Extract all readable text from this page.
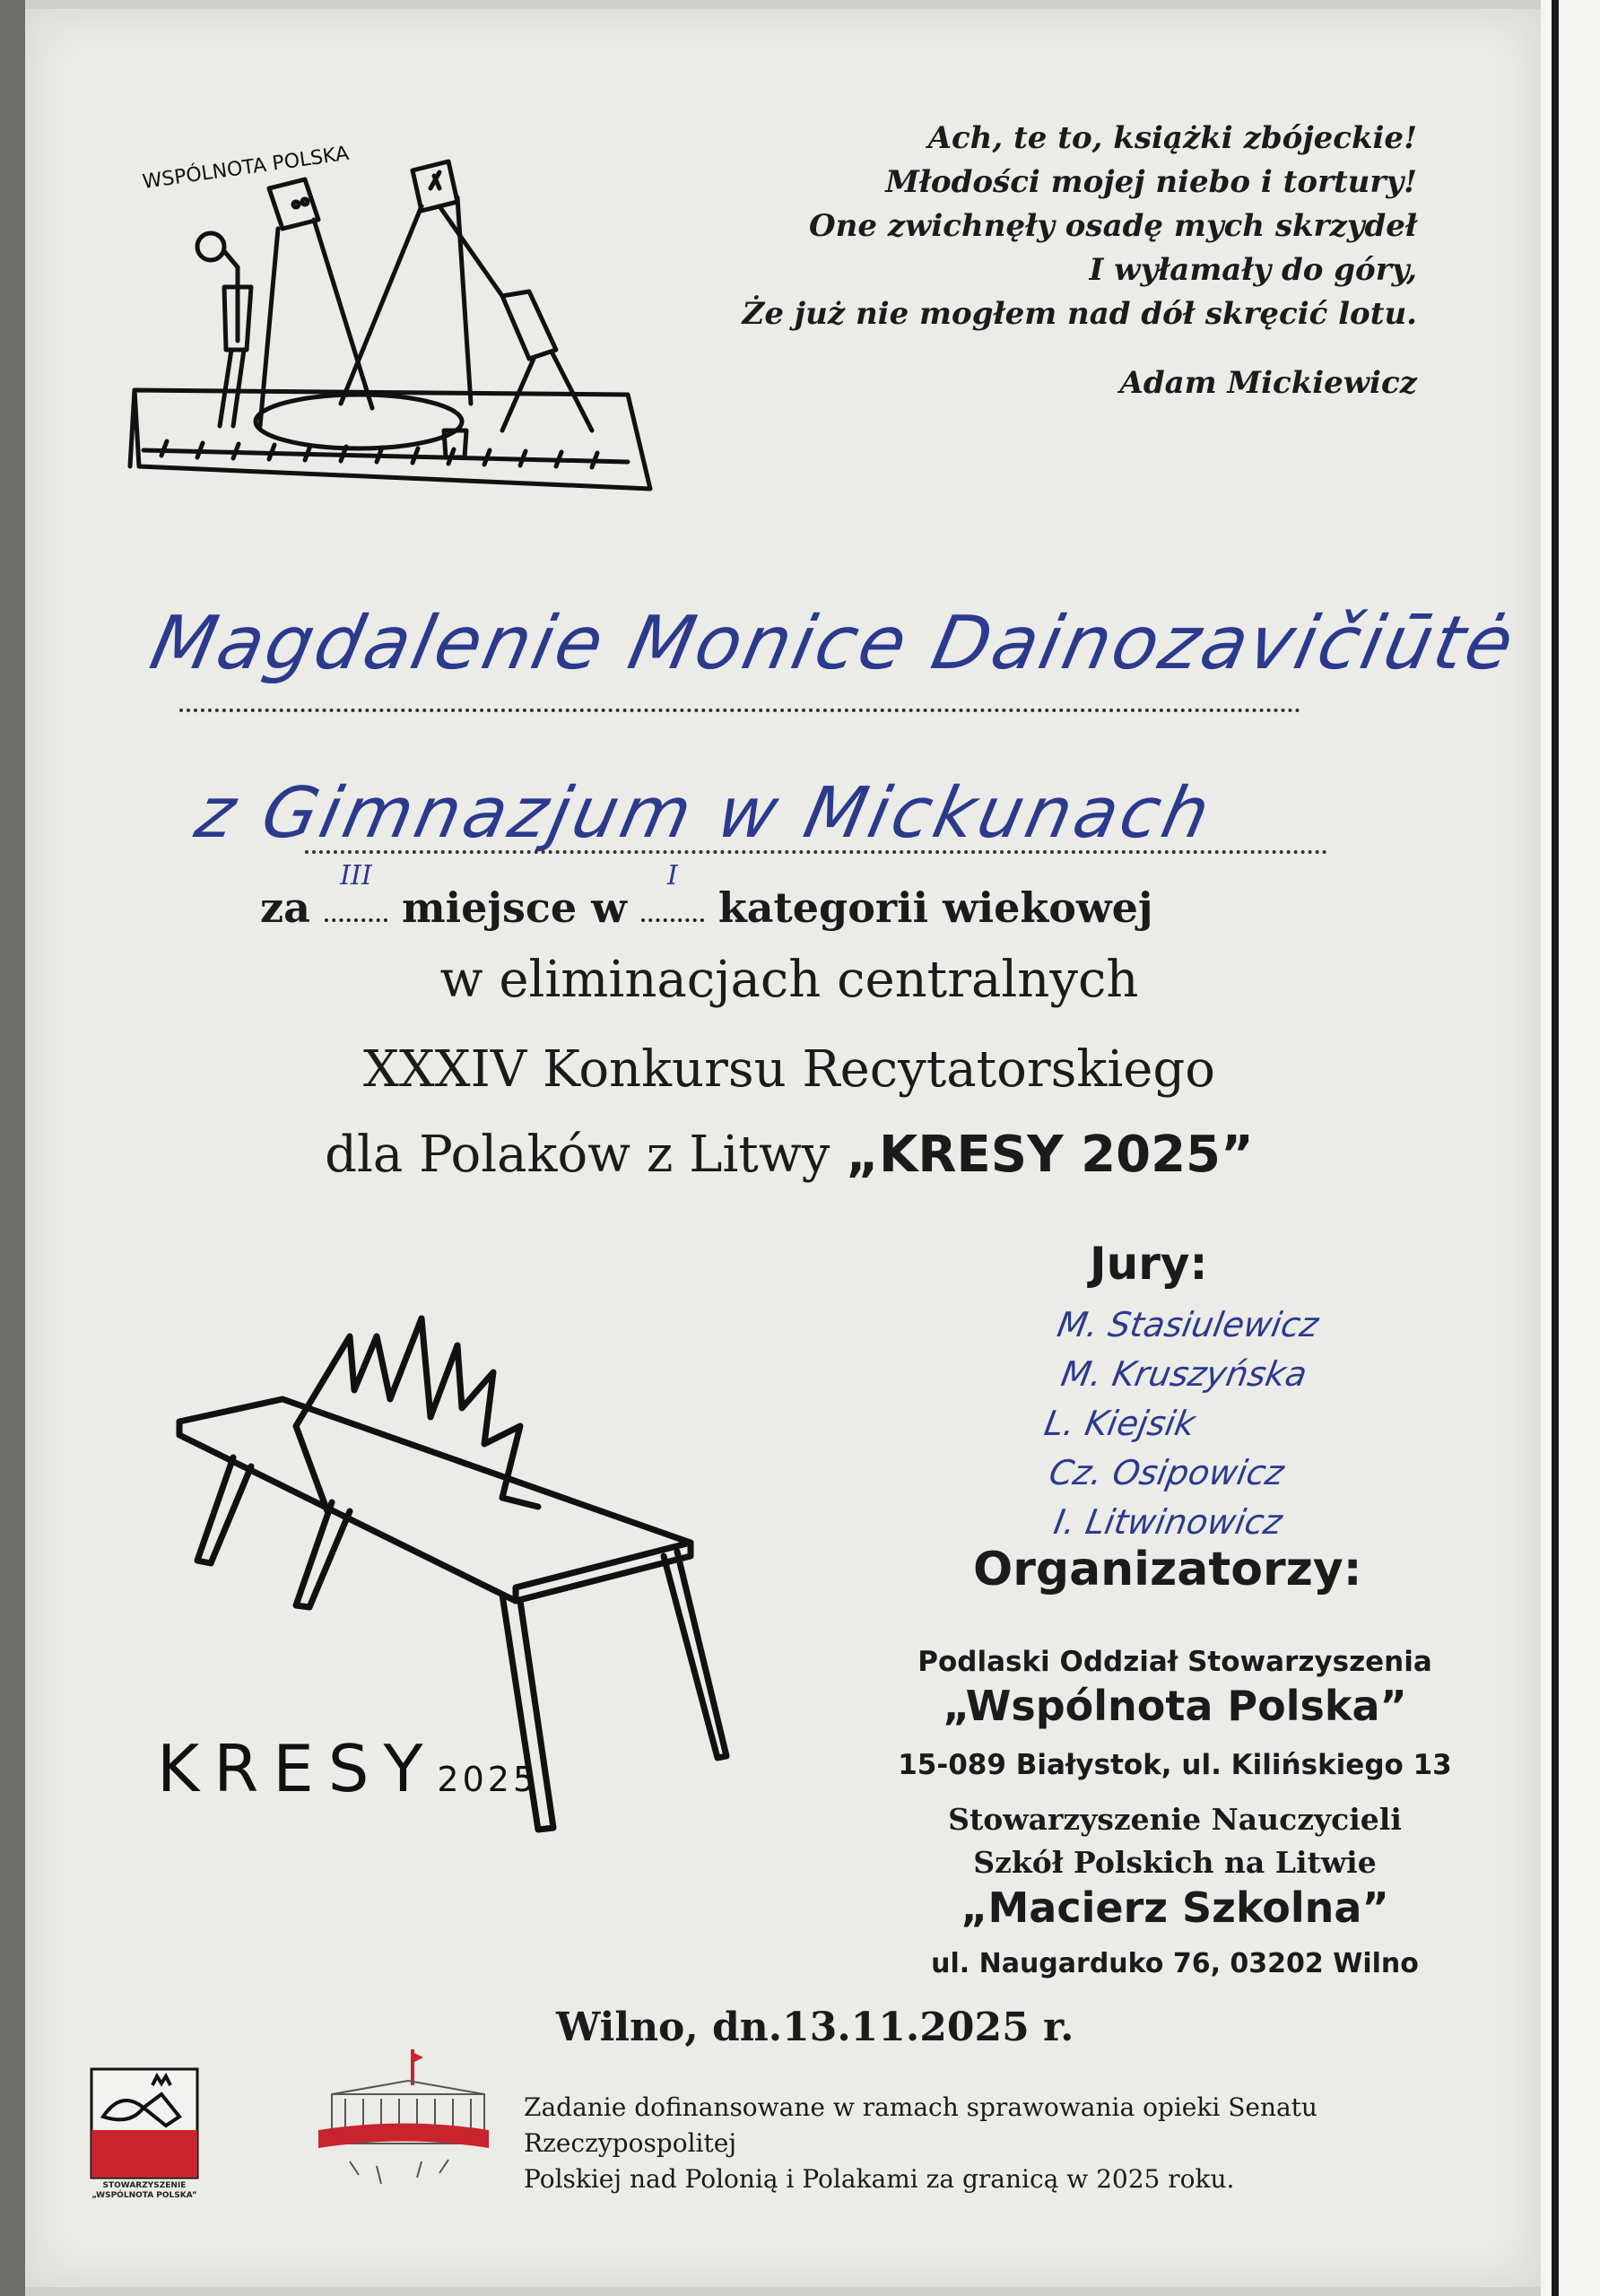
WSPÓLNOTA POLSKA
Ach, te to, książki zbójeckie!
Młodości mojej niebo i tortury!
One zwichnęły osadę mych skrzydeł
I wyłamały do góry,
Że już nie mogłem nad dół skręcić lotu.
Adam Mickiewicz
Magdalenie Monice Dainozavičiūtė
z Gimnazjum w Mickunach
za
III
miejsce w
I
kategorii wiekowej
w eliminacjach centralnych
XXXIV Konkursu Recytatorskiego
dla Polaków z Litwy „KRESY 2025”
KRESY2025
Jury:
M. Stasiulewicz
M. Kruszyńska
L. Kiejsik
Cz. Osipowicz
I. Litwinowicz
Organizatorzy:
Podlaski Oddział Stowarzyszenia
„Wspólnota Polska”
15-089 Białystok, ul. Kilińskiego 13
Stowarzyszenie Nauczycieli
Szkół Polskich na Litwie
„Macierz Szkolna”
ul. Naugarduko 76, 03202 Wilno
Wilno, dn.13.11.2025 r.
STOWARZYSZENIE
„WSPÓLNOTA POLSKA”
Zadanie dofinansowane w ramach sprawowania opieki Senatu Rzeczypospolitej
Polskiej nad Polonią i Polakami za granicą w 2025 roku.
